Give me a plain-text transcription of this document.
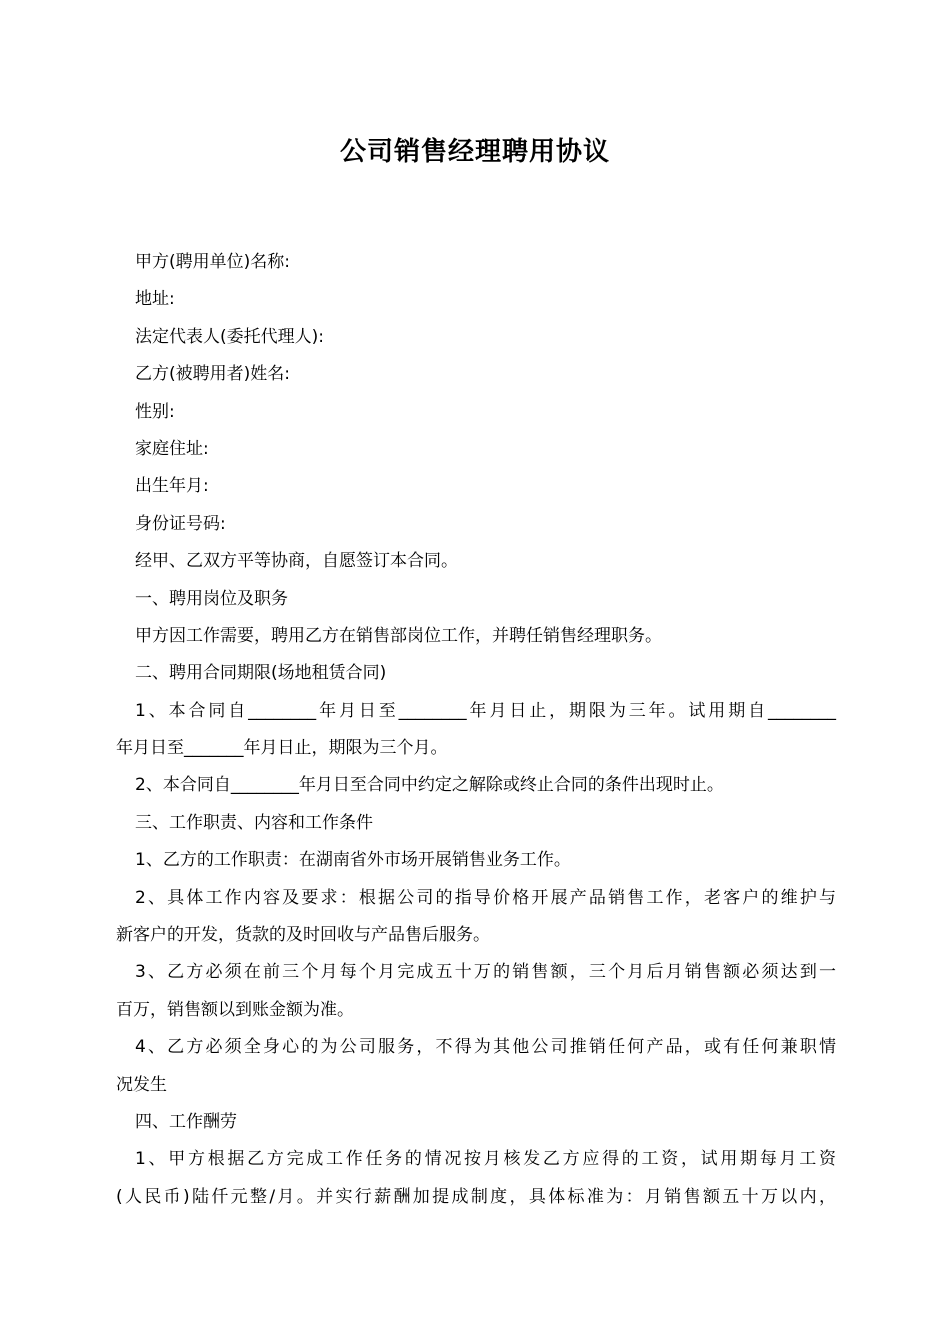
公司销售经理聘用协议
甲方(聘用单位)名称:
地址:
法定代表人(委托代理人):
乙方(被聘用者)姓名:
性别:
家庭住址:
出生年月:
身份证号码:
经甲、乙双方平等协商，自愿签订本合同。
一、聘用岗位及职务
甲方因工作需要，聘用乙方在销售部岗位工作，并聘任销售经理职务。
二、聘用合同期限(场地租赁合同)
1、本合同自________年月日至________年月日止，期限为三年。试用期自________
年月日至_______年月日止，期限为三个月。
2、本合同自________年月日至合同中约定之解除或终止合同的条件出现时止。
三、工作职责、内容和工作条件
1、乙方的工作职责：在湖南省外市场开展销售业务工作。
2、具体工作内容及要求：根据公司的指导价格开展产品销售工作，老客户的维护与
新客户的开发，货款的及时回收与产品售后服务。
3、乙方必须在前三个月每个月完成五十万的销售额，三个月后月销售额必须达到一
百万，销售额以到账金额为准。
4、乙方必须全身心的为公司服务，不得为其他公司推销任何产品，或有任何兼职情
况发生
四、工作酬劳
1、甲方根据乙方完成工作任务的情况按月核发乙方应得的工资，试用期每月工资
(人民币)陆仟元整/月。并实行薪酬加提成制度，具体标准为：月销售额五十万以内，
